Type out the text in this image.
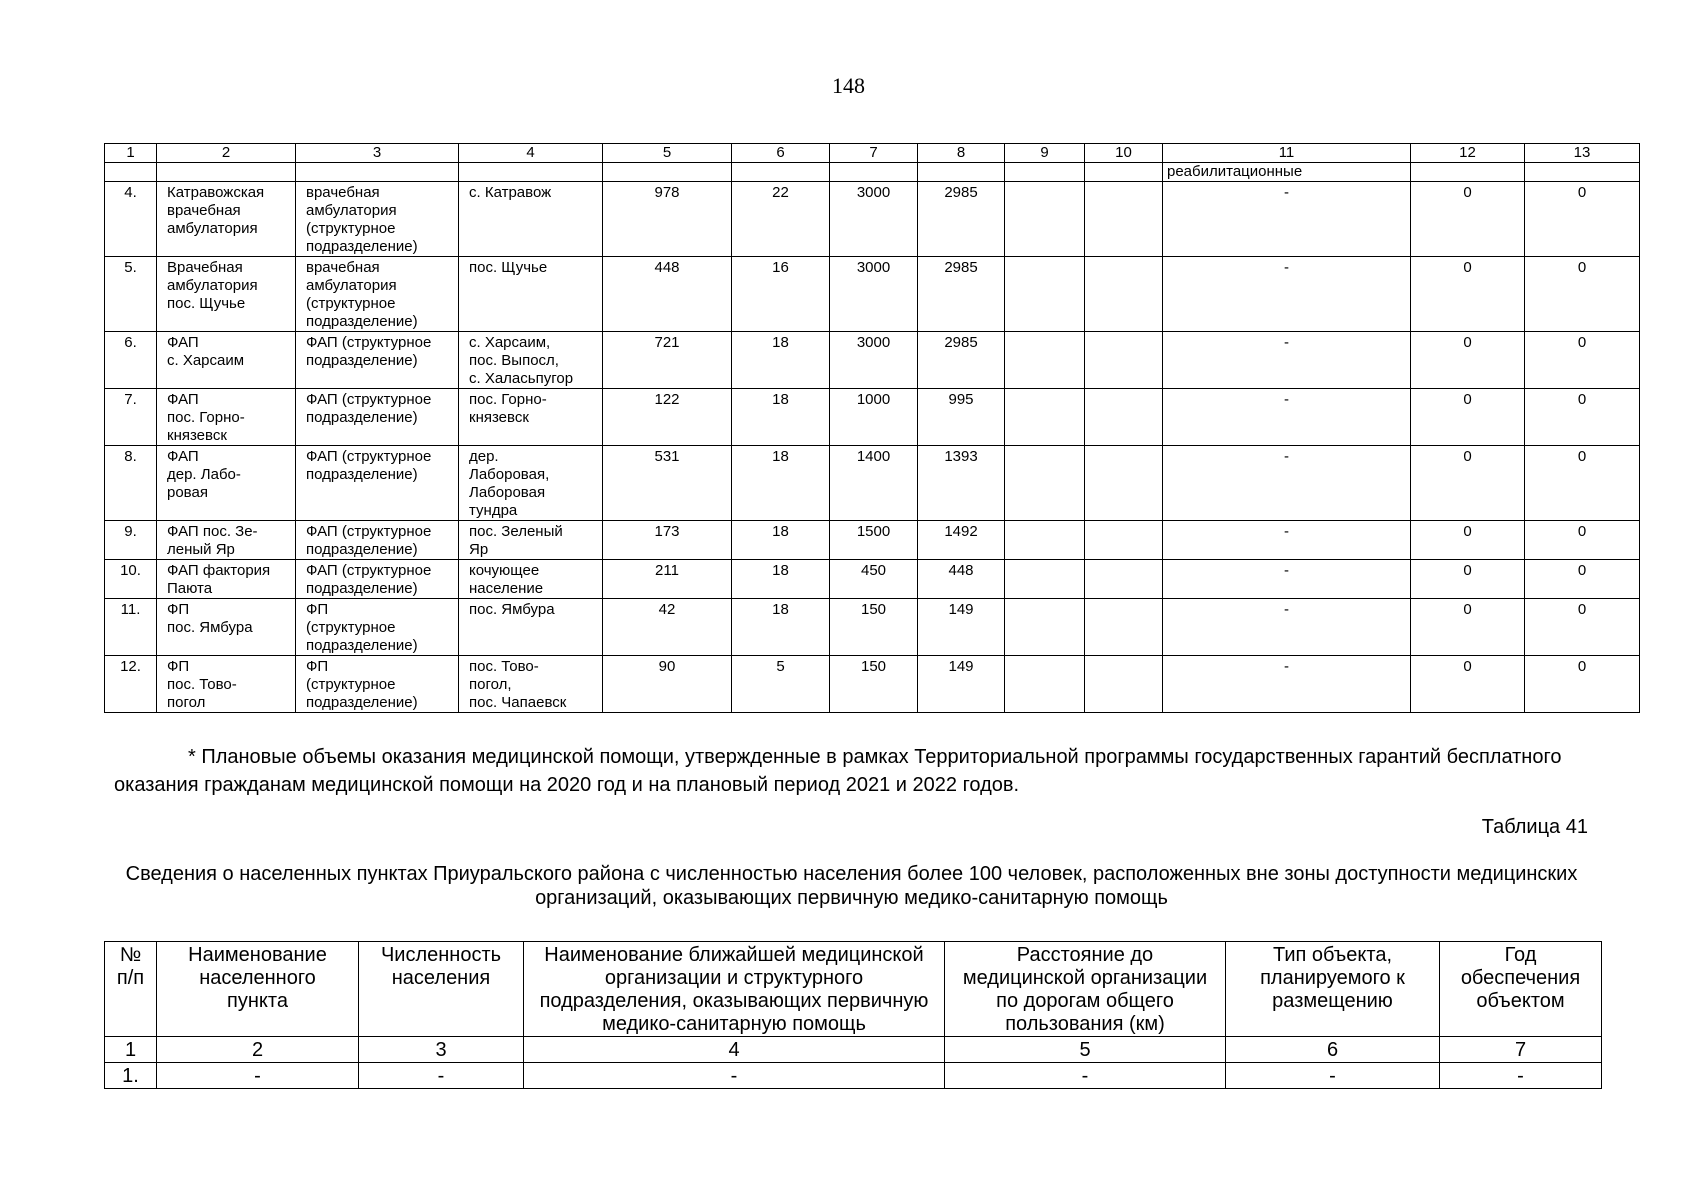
148
1	2	3	4	5	6	7	8	9	10	11	12	13
										реабилитационные		
4.	Катравожская
врачебная
амбулатория	врачебная
амбулатория
(структурное
подразделение)	с. Катравож	978	22	3000	2985			-	0	0
5.	Врачебная
амбулатория
пос. Щучье	врачебная
амбулатория
(структурное
подразделение)	пос. Щучье	448	16	3000	2985			-	0	0
6.	ФАП
с. Харсаим	ФАП (структурное
подразделение)	с. Харсаим,
пос. Выпосл,
с. Халасьпугор	721	18	3000	2985			-	0	0
7.	ФАП
пос. Горно-
князевск	ФАП (структурное
подразделение)	пос. Горно-
князевск	122	18	1000	995			-	0	0
8.	ФАП
дер. Лабо-
ровая	ФАП (структурное
подразделение)	дер.
Лаборовая,
Лаборовая
тундра	531	18	1400	1393			-	0	0
9.	ФАП пос. Зе-
леный Яр	ФАП (структурное
подразделение)	пос. Зеленый
Яр	173	18	1500	1492			-	0	0
10.	ФАП фактория
Паюта	ФАП (структурное
подразделение)	кочующее
население	211	18	450	448			-	0	0
11.	ФП
пос. Ямбура	ФП
(структурное
подразделение)	пос. Ямбура	42	18	150	149			-	0	0
12.	ФП
пос. Тово-
погол	ФП
(структурное
подразделение)	пос. Тово-
погол,
пос. Чапаевск	90	5	150	149			-	0	0
* Плановые объемы оказания медицинской помощи, утвержденные в рамках Территориальной программы государственных гарантий бесплатного оказания гражданам медицинской помощи на 2020 год и на плановый период 2021 и 2022 годов.
Таблица 41
Сведения о населенных пунктах Приуральского района с численностью населения более 100 человек, расположенных вне зоны доступности медицинских организаций, оказывающих первичную медико-санитарную помощь
№
п/п	Наименование
населенного
пункта	Численность
населения	Наименование ближайшей медицинской
организации и структурного
подразделения, оказывающих первичную
медико-санитарную помощь	Расстояние до
медицинской организации
по дорогам общего
пользования (км)	Тип объекта,
планируемого к
размещению	Год
обеспечения
объектом
1	2	3	4	5	6	7
1.	-	-	-	-	-	-
